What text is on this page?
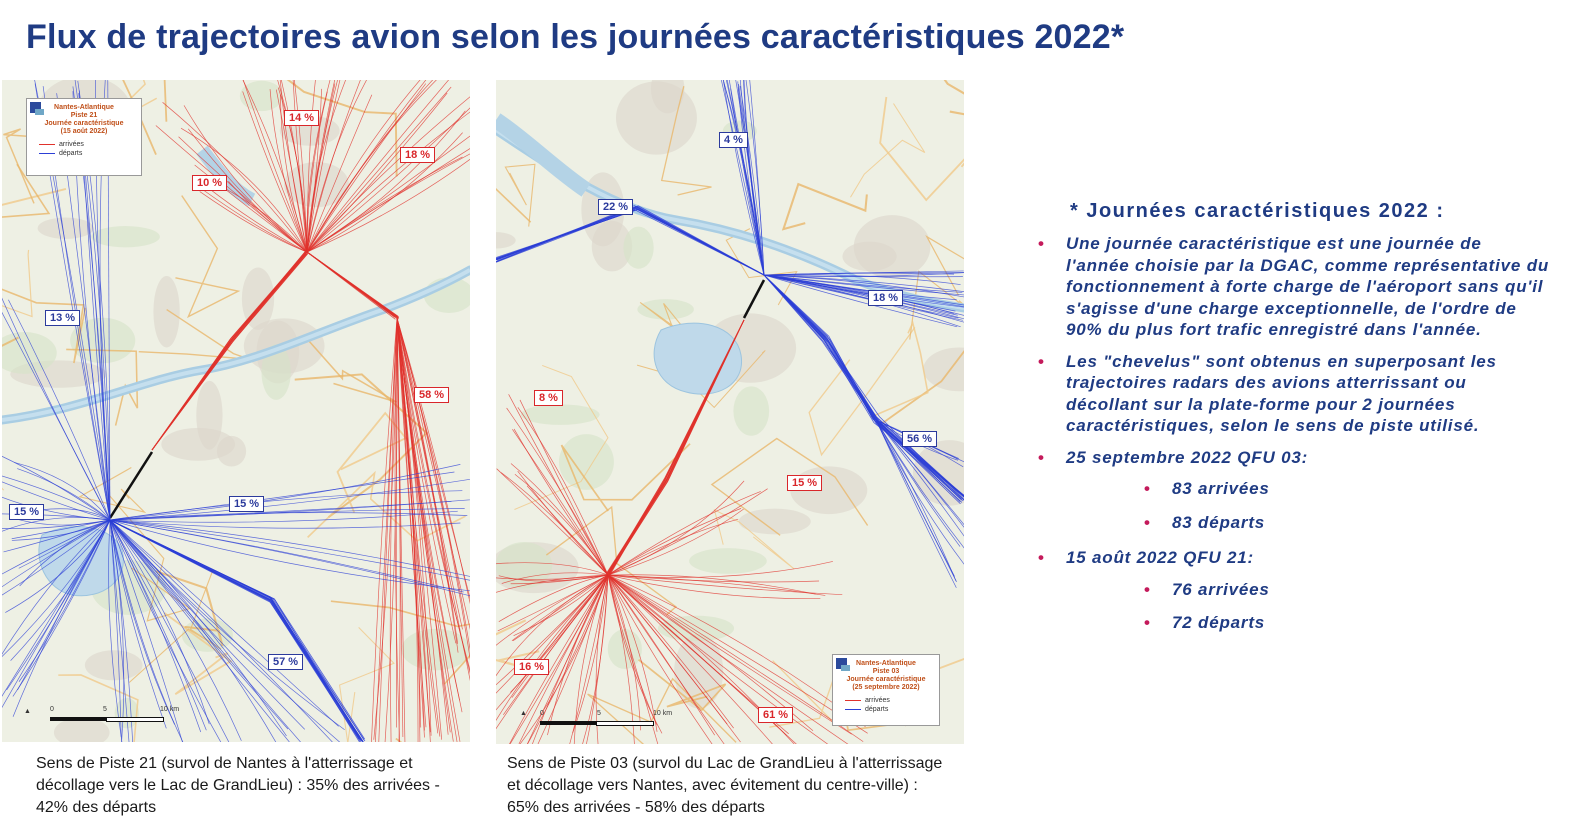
Flux de trajectoires avion selon les journées caractéristiques 2022*
Nantes-Atlantique
Piste 21
Journée caractéristique
(15 août 2022)
arrivées
départs
14 %
18 %
10 %
13 %
58 %
15 %
15 %
57 %
▲	0	5	10 km
4 %
22 %
18 %
8 %
56 %
15 %
16 %
61 %
Nantes-Atlantique
Piste 03
Journée caractéristique
(25 septembre 2022)
arrivées
départs
▲ 0	5	10 km
Sens de Piste 21 (survol de Nantes à l'atterrissage et décollage vers le Lac de GrandLieu) : 35% des arrivées - 42% des départs
Sens de Piste 03 (survol du Lac de GrandLieu à l'atterrissage et décollage vers Nantes, avec évitement du centre-ville) : 65% des arrivées - 58% des départs
* Journées caractéristiques 2022 :
• Une journée caractéristique est une journée de l'année choisie par la DGAC, comme représentative du fonctionnement à forte charge de l'aéroport sans qu'il s'agisse d'une charge exceptionnelle, de l'ordre de 90% du plus fort trafic enregistré dans l'année.
• Les "chevelus" sont obtenus en superposant les trajectoires radars des avions atterrissant ou décollant sur la plate-forme pour 2 journées caractéristiques, selon le sens de piste utilisé.
• 25 septembre 2022 QFU 03:
• 83 arrivées
• 83 départs
• 15 août 2022 QFU 21:
• 76 arrivées
• 72 départs
